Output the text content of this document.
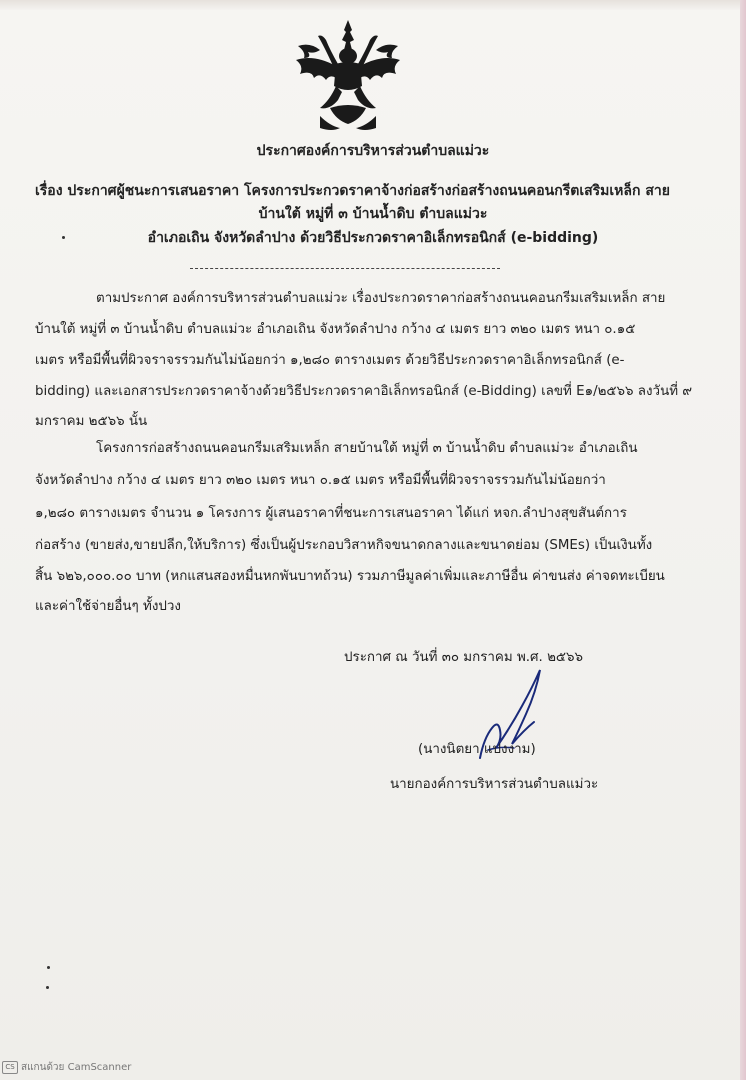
ประกาศองค์การบริหารส่วนตำบลแม่วะ
เรื่อง ประกาศผู้ชนะการเสนอราคา โครงการประกวดราคาจ้างก่อสร้างก่อสร้างถนนคอนกรีตเสริมเหล็ก สาย
บ้านใต้ หมู่ที่ ๓ บ้านน้ำดิบ ตำบลแม่วะ
อำเภอเถิน จังหวัดลำปาง ด้วยวิธีประกวดราคาอิเล็กทรอนิกส์ (e-bidding)
ตามประกาศ องค์การบริหารส่วนตำบลแม่วะ เรื่องประกวดราคาก่อสร้างถนนคอนกรีมเสริมเหล็ก สาย
บ้านใต้ หมู่ที่ ๓ บ้านน้ำดิบ ตำบลแม่วะ อำเภอเถิน จังหวัดลำปาง กว้าง ๔ เมตร ยาว ๓๒๐ เมตร หนา ๐.๑๕
เมตร หรือมีพื้นที่ผิวจราจรรวมกันไม่น้อยกว่า ๑,๒๘๐ ตารางเมตร ด้วยวิธีประกวดราคาอิเล็กทรอนิกส์ (e-
bidding) และเอกสารประกวดราคาจ้างด้วยวิธีประกวดราคาอิเล็กทรอนิกส์ (e-Bidding) เลขที่ E๑/๒๕๖๖ ลงวันที่ ๙
มกราคม ๒๕๖๖ นั้น
โครงการก่อสร้างถนนคอนกรีมเสริมเหล็ก สายบ้านใต้ หมู่ที่ ๓ บ้านน้ำดิบ ตำบลแม่วะ อำเภอเถิน
จังหวัดลำปาง กว้าง ๔ เมตร ยาว ๓๒๐ เมตร หนา ๐.๑๕ เมตร หรือมีพื้นที่ผิวจราจรรวมกันไม่น้อยกว่า
๑,๒๘๐ ตารางเมตร จำนวน ๑ โครงการ ผู้เสนอราคาที่ชนะการเสนอราคา ได้แก่ หจก.ลำปางสุขสันต์การ
ก่อสร้าง (ขายส่ง,ขายปลีก,ให้บริการ) ซึ่งเป็นผู้ประกอบวิสาหกิจขนาดกลางและขนาดย่อม (SMEs) เป็นเงินทั้ง
สิ้น ๖๒๖,๐๐๐.๐๐ บาท (หกแสนสองหมื่นหกพันบาทถ้วน) รวมภาษีมูลค่าเพิ่มและภาษีอื่น ค่าขนส่ง ค่าจดทะเบียน
และค่าใช้จ่ายอื่นๆ ทั้งปวง
ประกาศ ณ วันที่ ๓๐ มกราคม พ.ศ. ๒๕๖๖
(นางนิตยา แปงงาม)
นายกองค์การบริหารส่วนตำบลแม่วะ
CS สแกนด้วย CamScanner
